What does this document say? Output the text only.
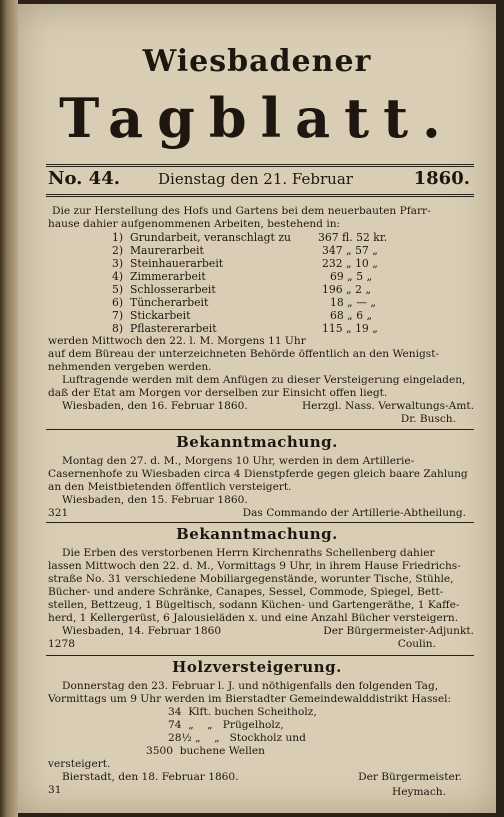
Wiesbadener
Tagblatt.
No. 44.	Dienstag den 21. Februar	1860.
Die zur Herstellung des Hofs und Gartens bei dem neuerbauten Pfarr-
hause dahier aufgenommenen Arbeiten, bestehend in:
1) Grundarbeit, veranschlagt zu	367 fl. 52 kr.
2) Maurerarbeit	347 „ 57 „
3) Steinhauerarbeit	232 „ 10 „
4) Zimmerarbeit	69 „ 5 „
5) Schlosserarbeit	196 „ 2 „
6) Tüncherarbeit	18 „ — „
7) Stickarbeit	68 „ 6 „
8) Pflastererarbeit	115 „ 19 „
werden Mittwoch den 22. l. M. Morgens 11 Uhr
auf dem Büreau der unterzeichneten Behörde öffentlich an den Wenigst-
nehmenden vergeben werden.
Luftragende werden mit dem Anfügen zu dieser Versteigerung eingeladen,
daß der Etat am Morgen vor derselben zur Einsicht offen liegt.
Wiesbaden, den 16. Februar 1860.	Herzgl. Nass. Verwaltungs-Amt.
Dr. Busch.
Bekanntmachung.
Montag den 27. d. M., Morgens 10 Uhr, werden in dem Artillerie-
Casernenhofe zu Wiesbaden circa 4 Dienstpferde gegen gleich baare Zahlung
an den Meistbietenden öffentlich versteigert.
Wiesbaden, den 15. Februar 1860.
321	Das Commando der Artillerie-Abtheilung.
Bekanntmachung.
Die Erben des verstorbenen Herrn Kirchenraths Schellenberg dahier
lassen Mittwoch den 22. d. M., Vormittags 9 Uhr, in ihrem Hause Friedrichs-
straße No. 31 verschiedene Mobiliargegenstände, worunter Tische, Stühle,
Bücher- und andere Schränke, Canapes, Sessel, Commode, Spiegel, Bett-
stellen, Bettzeug, 1 Bügeltisch, sodann Küchen- und Gartengeräthe, 1 Kaffe-
herd, 1 Kellergerüst, 6 Jalousieläden x. und eine Anzahl Bücher versteigern.
Wiesbaden, 14. Februar 1860	Der Bürgermeister-Adjunkt.
1278	Coulin.
Holzversteigerung.
Donnerstag den 23. Februar l. J. und nöthigenfalls den folgenden Tag,
Vormittags um 9 Uhr werden im Bierstadter Gemeindewalddistrikt Hassel:
34  Klft. buchen Scheitholz,
74  „    „   Prügelholz,
28½ „    „   Stockholz und
3500  buchene Wellen
versteigert.
Bierstadt, den 18. Februar 1860.	Der Bürgermeister.
31	Heymach.
